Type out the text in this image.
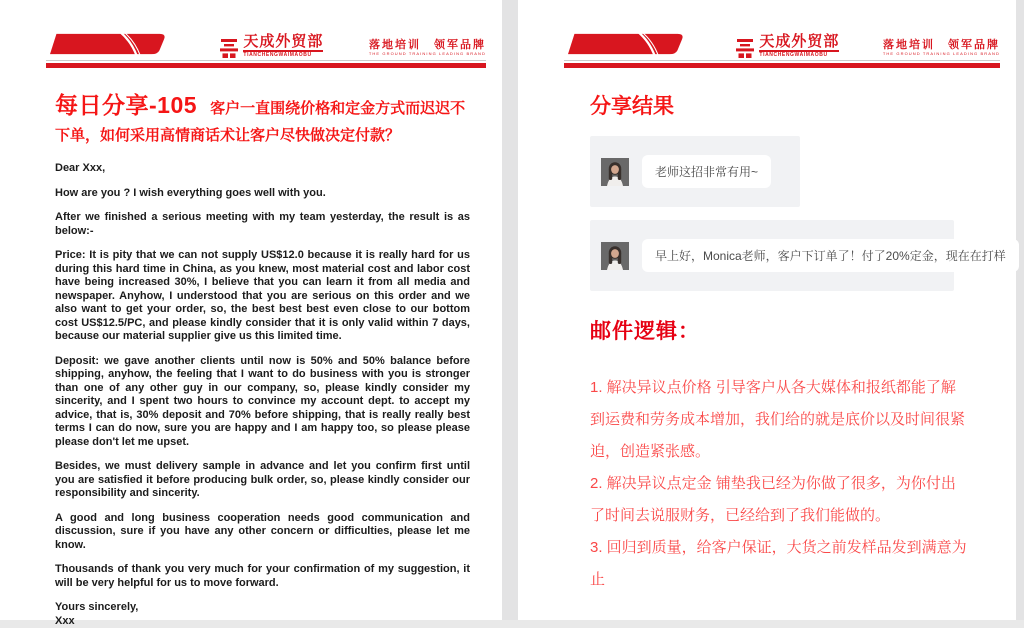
天成外贸部
TIANCHENGWAIMAOBU
落地培训　领军品牌
THE GROUND TRAINING LEADING BRAND
每日分享-105 客户一直围绕价格和定金方式而迟迟不下单，如何采用高情商话术让客户尽快做决定付款？

Dear Xxx,

How are you ? I wish everything goes well with you.

After we finished a serious meeting with my team yesterday, the result is as below:-

Price: It is pity that we can not supply US$12.0 because it is really hard for us during this hard time in China, as you knew, most material cost and labor cost have being increased 30%, I believe that you can learn it from all media and newspaper. Anyhow, I understood that you are serious on this order and we also want to get your order, so, the best best best even close to our bottom cost US$12.5/PC, and please kindly consider that it is only valid within 7 days, because our material supplier give us this limited time.

Deposit: we gave another clients until now is 50% and 50% balance before shipping, anyhow, the feeling that I want to do business with you is stronger than one of any other guy in our company, so, please kindly consider my sincerity, and I spent two hours to convince my account dept. to accept my advice, that is, 30% deposit and 70% before shipping, that is really really best terms I can do now, sure you are happy and I am happy too, so please please please don't let me upset.

Besides, we must delivery sample in advance and let you confirm first until you are satisfied it before producing bulk order, so, please kindly consider our responsibility and sincerity.

A good and long business cooperation needs good communication and discussion, sure if you have any other concern or difficulties, please let me know.

Thousands of thank you very much for your confirmation of my suggestion, it will be very helpful for us to move forward.

Yours sincerely,

Xxx

天成外贸部
TIANCHENGWAIMAOBU
落地培训　领军品牌
THE GROUND TRAINING LEADING BRAND
分享结果
老师这招非常有用~
早上好，Monica老师，客户下订单了！付了20%定金，现在在打样
邮件逻辑：
1. 解决异议点价格 引导客户从各大媒体和报纸都能了解到运费和劳务成本增加，我们给的就是底价以及时间很紧迫，创造紧张感。
2. 解决异议点定金 铺垫我已经为你做了很多，为你付出了时间去说服财务，已经给到了我们能做的。
3. 回归到质量，给客户保证，大货之前发样品发到满意为止
